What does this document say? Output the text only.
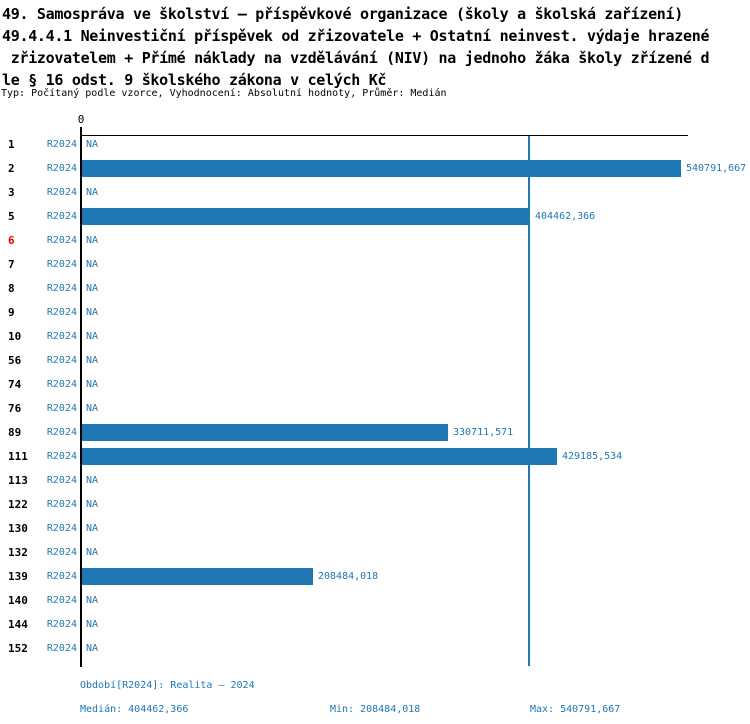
49. Samospráva ve školství – příspěvkové organizace (školy a školská zařízení)
49.4.4.1 Neinvestiční příspěvek od zřizovatele + Ostatní neinvest. výdaje hrazené
zřizovatelem + Přímé náklady na vzdělávání (NIV) na jednoho žáka školy zřízené d
le § 16 odst. 9 školského zákona v celých Kč
Typ: Počítaný podle vzorce, Vyhodnocení: Absolutní hodnoty, Průměr: Medián
0
1	R2024 NA
2	R2024	540791,667
3	R2024 NA
5	R2024	404462,366
6	R2024 NA
7	R2024 NA
8	R2024 NA
9	R2024 NA
10	R2024 NA
56	R2024 NA
74	R2024 NA
76	R2024 NA
89	R2024	330711,571
111	R2024	429185,534
113	R2024 NA
122	R2024 NA
130	R2024 NA
132	R2024 NA
139	R2024	208484,018
140	R2024 NA
144	R2024 NA
152	R2024 NA
Období[R2024]: Realita – 2024
Medián: 404462,366	Min: 208484,018	Max: 540791,667
